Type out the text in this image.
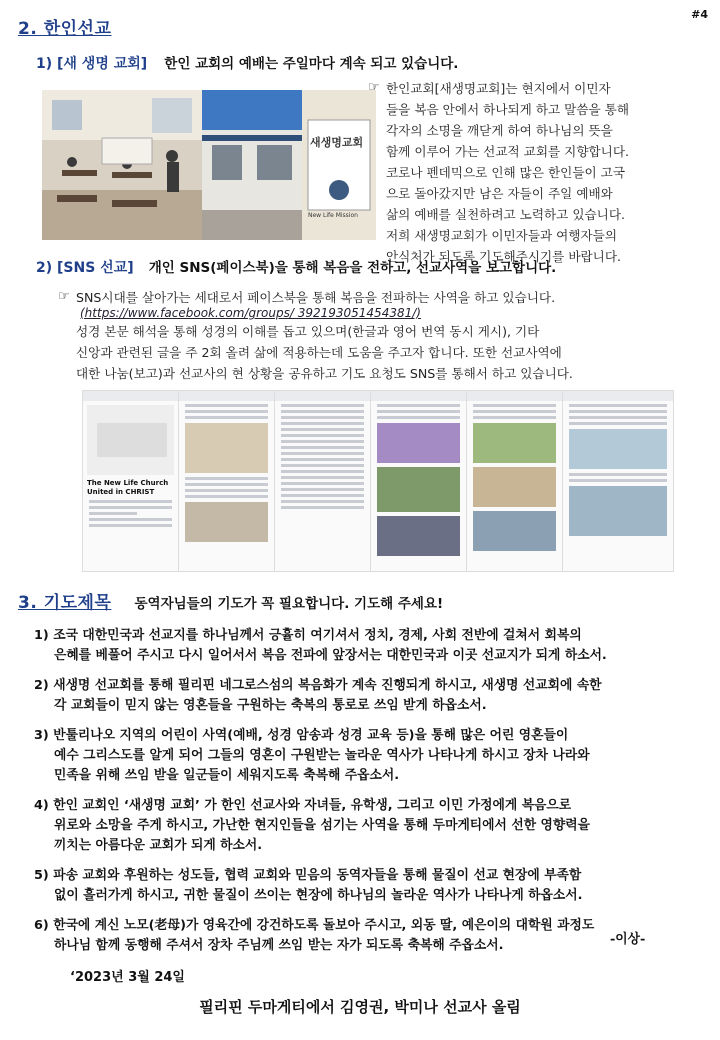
#4
2. 한인선교
1) [새 생명 교회] 한인 교회의 예배는 주일마다 계속 되고 있습니다.
새생명교회
New Life Mission
☞ 한인교회[새생명교회]는 현지에서 이민자
들을 복음 안에서 하나되게 하고 말씀을 통해
각자의 소명을 깨닫게 하여 하나님의 뜻을
함께 이루어 가는 선교적 교회를 지향합니다.
코로나 펜데믹으로 인해 많은 한인들이 고국
으로 돌아갔지만 남은 자들이 주일 예배와
삶의 예배를 실천하려고 노력하고 있습니다.
저희 새생명교회가 이민자들과 여행자들의
안식처가 되도록 기도해주시기를 바랍니다.
2) [SNS 선교] 개인 SNS(페이스북)을 통해 복음을 전하고, 선교사역을 보고합니다.
☞ SNS시대를 살아가는 세대로서 페이스북을 통해 복음을 전파하는 사역을 하고 있습니다.
(https://www.facebook.com/groups/ 392193051454381/)
성경 본문 해석을 통해 성경의 이해를 돕고 있으며(한글과 영어 번역 동시 게시), 기타
신앙과 관련된 글을 주 2회 올려 삶에 적용하는데 도움을 주고자 합니다. 또한 선교사역에
대한 나눔(보고)과 선교사의 현 상황을 공유하고 기도 요청도 SNS를 통해서 하고 있습니다.
The New Life Church United in CHRIST
3. 기도제목 동역자님들의 기도가 꼭 필요합니다. 기도해 주세요!
1) 조국 대한민국과 선교지를 하나님께서 긍휼히 여기셔서 정치, 경제, 사회 전반에 걸쳐서 회복의
은혜를 베풀어 주시고 다시 일어서서 복음 전파에 앞장서는 대한민국과 이곳 선교지가 되게 하소서.
2) 새생명 선교회를 통해 필리핀 네그로스섬의 복음화가 계속 진행되게 하시고, 새생명 선교회에 속한
각 교회들이 믿지 않는 영혼들을 구원하는 축복의 통로로 쓰임 받게 하옵소서.
3) 반툴리나오 지역의 어린이 사역(예배, 성경 암송과 성경 교육 등)을 통해 많은 어린 영혼들이
예수 그리스도를 알게 되어 그들의 영혼이 구원받는 놀라운 역사가 나타나게 하시고 장차 나라와
민족을 위해 쓰임 받을 일군들이 세워지도록 축복해 주옵소서.
4) 한인 교회인 ‘새생명 교회’ 가 한인 선교사와 자녀들, 유학생, 그리고 이민 가정에게 복음으로
위로와 소망을 주게 하시고, 가난한 현지인들을 섬기는 사역을 통해 두마게티에서 선한 영향력을
끼치는 아름다운 교회가 되게 하소서.
5) 파송 교회와 후원하는 성도들, 협력 교회와 믿음의 동역자들을 통해 물질이 선교 현장에 부족함
없이 흘러가게 하시고, 귀한 물질이 쓰이는 현장에 하나님의 놀라운 역사가 나타나게 하옵소서.
6) 한국에 계신 노모(老母)가 영육간에 강건하도록 돌보아 주시고, 외동 딸, 예은이의 대학원 과정도
하나님 함께 동행해 주셔서 장차 주님께 쓰임 받는 자가 되도록 축복해 주옵소서.	-이상-
‘2023년 3월 24일
필리핀 두마게티에서 김영권, 박미나 선교사 올림
